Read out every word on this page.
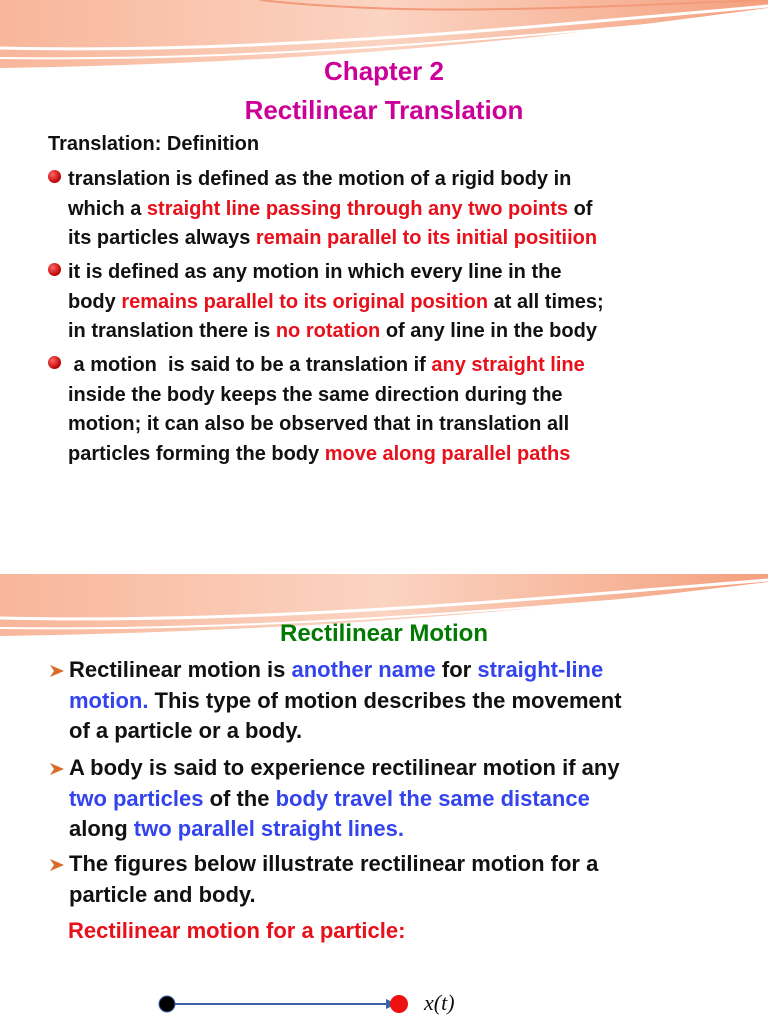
Chapter 2
Rectilinear Translation
Translation: Definition
translation is defined as the motion of a rigid body in
which a straight line passing through any two points of
its particles always remain parallel to its initial positiion
it is defined as any motion in which every line in the
body remains parallel to its original position at all times;
in translation there is no rotation of any line in the body
a motion  is said to be a translation if any straight line
inside the body keeps the same direction during the
motion; it can also be observed that in translation all
particles forming the body move along parallel paths
Rectilinear Motion
Rectilinear motion is another name for straight-line
motion. This type of motion describes the movement
of a particle or a body.
A body is said to experience rectilinear motion if any
two particles of the body travel the same distance
along two parallel straight lines.
The figures below illustrate rectilinear motion for a
particle and body.
Rectilinear motion for a particle:
x(t)
